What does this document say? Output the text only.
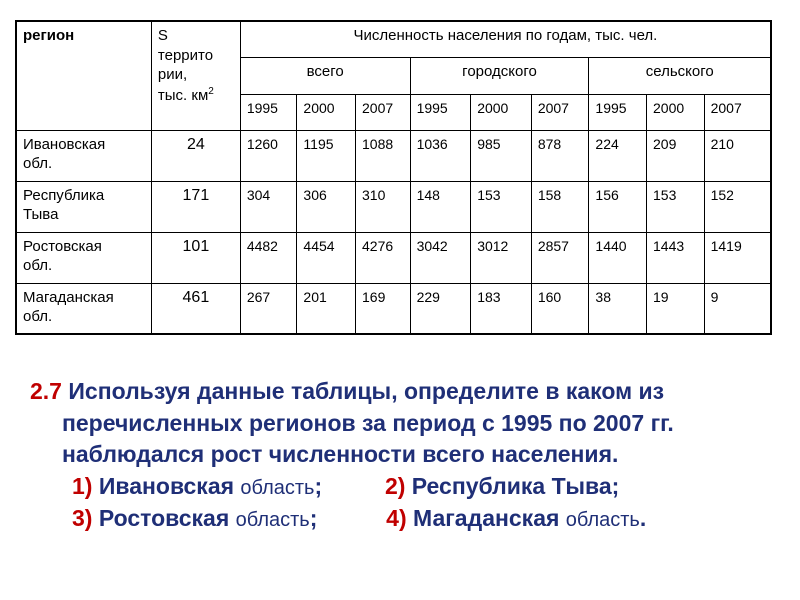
регион	S
террито
рии,
тыс. $км^2$	Численность населения по годам, тыс. чел.								
		всего			городского			сельского		
		1995	2000	2007	1995	2000	2007	1995	2000	2007
Ивановская
обл.	24	1260	1195	1088	1036	985	878	224	209	210
Республика
Тыва	171	304	306	310	148	153	158	156	153	152
Ростовская
обл.	101	4482	4454	4276	3042	3012	2857	1440	1443	1419
Магаданская
обл.	461	267	201	169	229	183	160	38	19	9
2.7 Используя данные таблицы, определите в каком из
перечисленных регионов за период с 1995 по 2007 гг.
наблюдался рост численности всего населения.
1) Ивановская область;	2) Республика Тыва;
3) Ростовская область;	4) Магаданская область.
